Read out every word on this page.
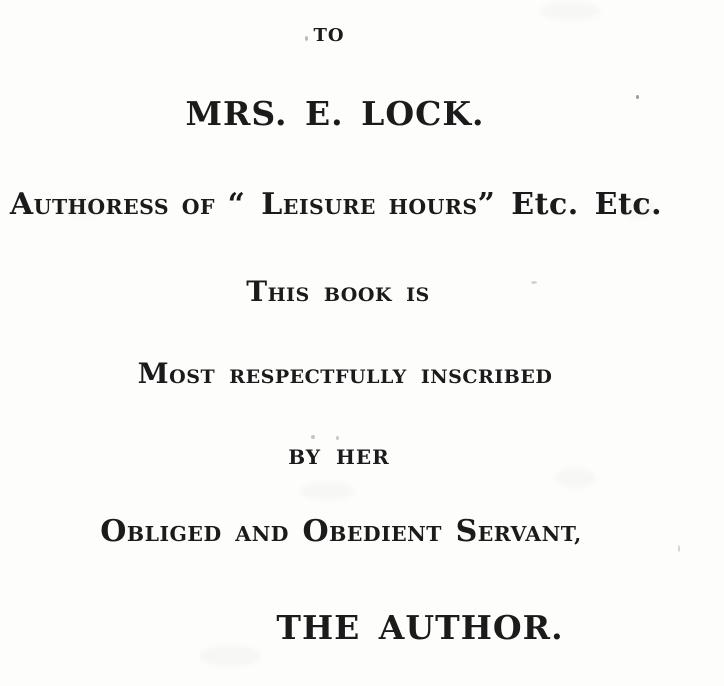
TO
MRS. E. LOCK.
AUTHORESS OF “ LEISURE HOURS” Etc. Etc.
THIS BOOK IS
MOST RESPECTFULLY INSCRIBED
BY HER
OBLIGED AND OBEDIENT SERVANT,
THE AUTHOR.
